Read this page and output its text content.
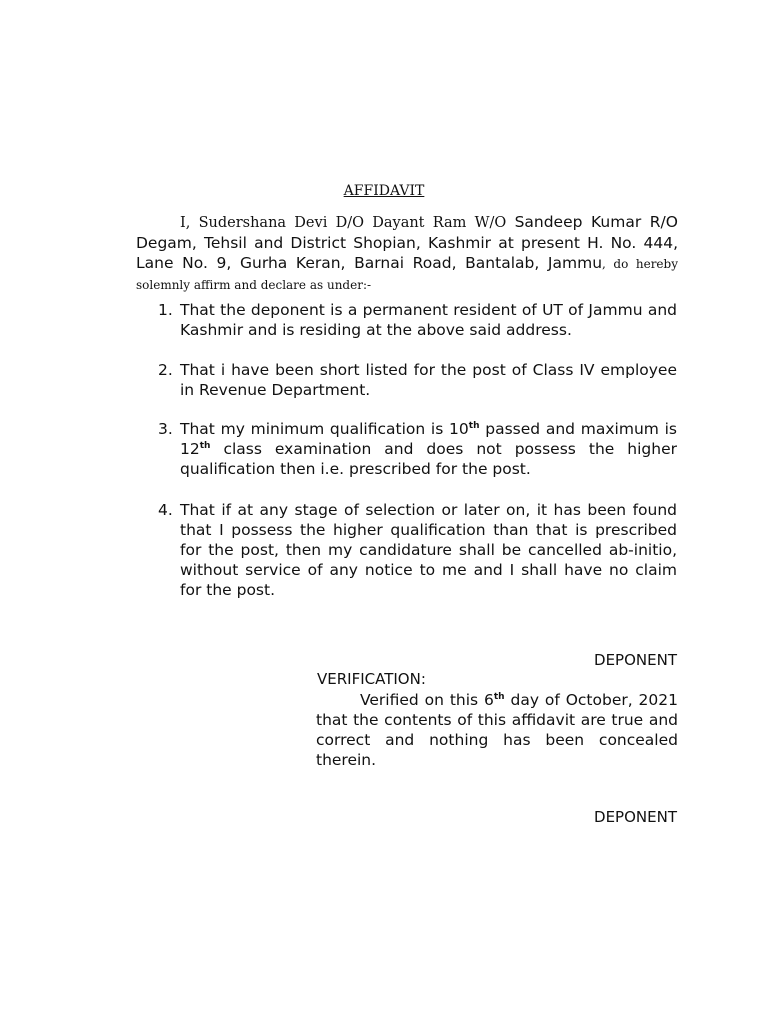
AFFIDAVIT
I, Sudershana Devi D/O Dayant Ram W/O Sandeep Kumar R/O Degam, Tehsil and District Shopian, Kashmir at present H. No. 444, Lane No. 9, Gurha Keran, Barnai Road, Bantalab, Jammu, do hereby solemnly affirm and declare as under:-
1. That the deponent is a permanent resident of UT of Jammu and Kashmir and is residing at the above said address.
2. That i have been short listed for the post of Class IV employee in Revenue Department.
3. That my minimum qualification is 10th passed and maximum is 12th class examination and does not possess the higher qualification then i.e. prescribed for the post.
4. That if at any stage of selection or later on, it has been found that I possess the higher qualification than that is prescribed for the post, then my candidature shall be cancelled ab-initio, without service of any notice to me and I shall have no claim for the post.
DEPONENT
VERIFICATION:
Verified on this 6th day of October, 2021 that the contents of this affidavit are true and correct and nothing has been concealed therein.
DEPONENT
